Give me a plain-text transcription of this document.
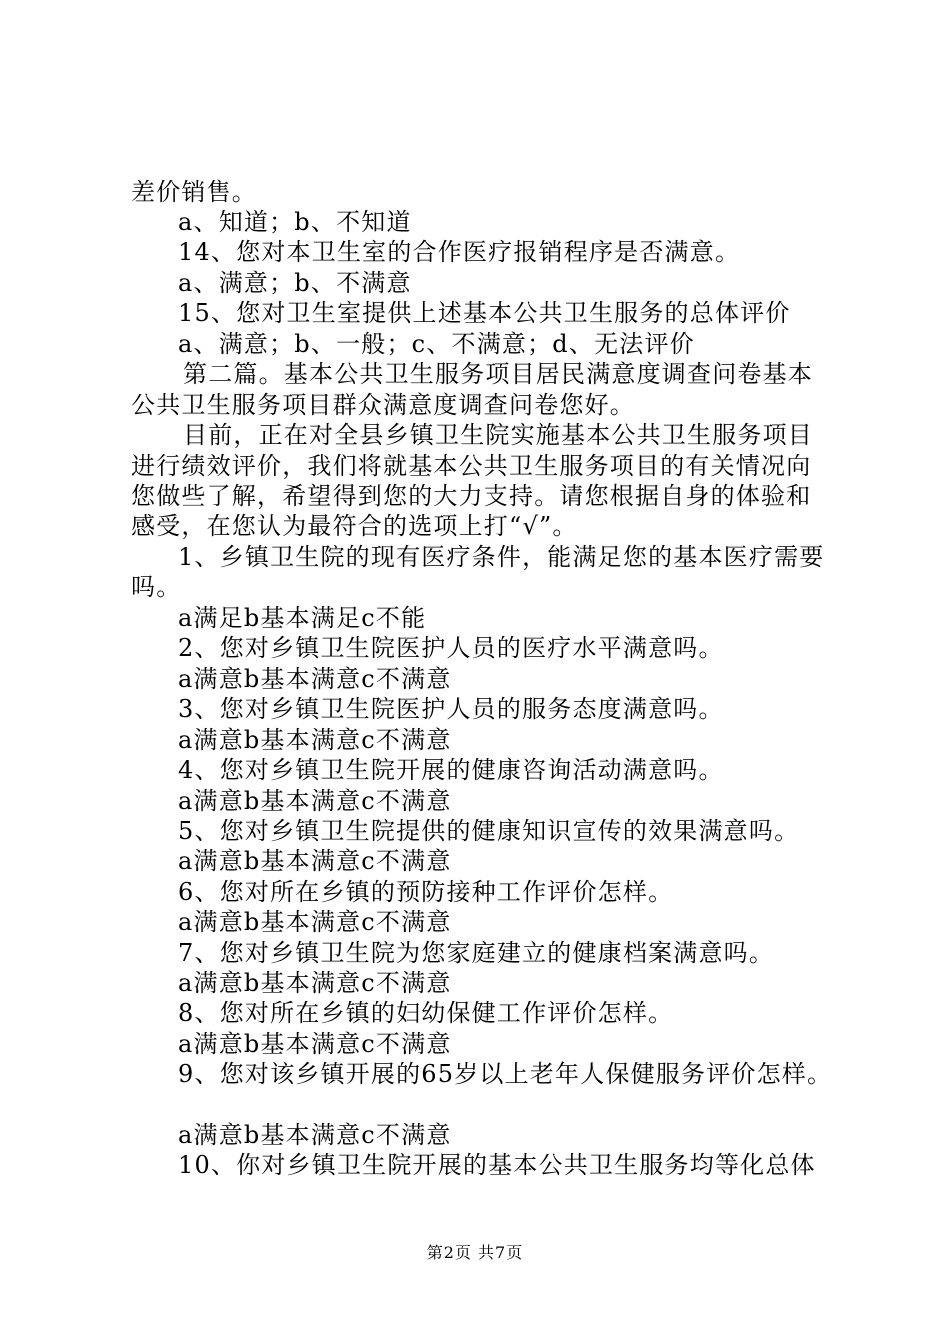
差价销售。
a、知道；b、不知道
14、您对本卫生室的合作医疗报销程序是否满意。
a、满意；b、不满意
15、您对卫生室提供上述基本公共卫生服务的总体评价
a、满意；b、一般；c、不满意；d、无法评价
第二篇。基本公共卫生服务项目居民满意度调查问卷基本
公共卫生服务项目群众满意度调查问卷您好。
目前，正在对全县乡镇卫生院实施基本公共卫生服务项目
进行绩效评价，我们将就基本公共卫生服务项目的有关情况向
您做些了解，希望得到您的大力支持。请您根据自身的体验和
感受，在您认为最符合的选项上打“√”。
1、乡镇卫生院的现有医疗条件，能满足您的基本医疗需要
吗。
a满足b基本满足c不能
2、您对乡镇卫生院医护人员的医疗水平满意吗。
a满意b基本满意c不满意
3、您对乡镇卫生院医护人员的服务态度满意吗。
a满意b基本满意c不满意
4、您对乡镇卫生院开展的健康咨询活动满意吗。
a满意b基本满意c不满意
5、您对乡镇卫生院提供的健康知识宣传的效果满意吗。
a满意b基本满意c不满意
6、您对所在乡镇的预防接种工作评价怎样。
a满意b基本满意c不满意
7、您对乡镇卫生院为您家庭建立的健康档案满意吗。
a满意b基本满意c不满意
8、您对所在乡镇的妇幼保健工作评价怎样。
a满意b基本满意c不满意
9、您对该乡镇开展的65岁以上老年人保健服务评价怎样。
a满意b基本满意c不满意
10、你对乡镇卫生院开展的基本公共卫生服务均等化总体
第2页 共7页
